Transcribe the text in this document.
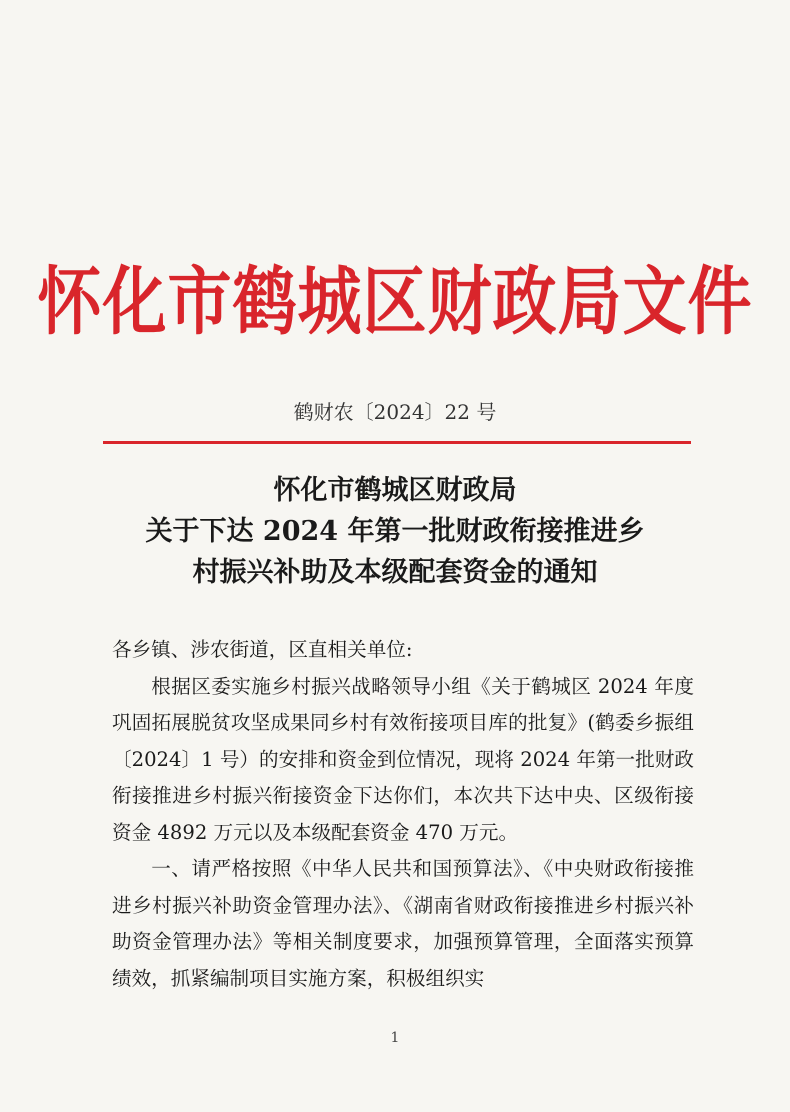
怀化市鹤城区财政局文件
鹤财农〔2024〕22 号
怀化市鹤城区财政局
关于下达 2024 年第一批财政衔接推进乡
村振兴补助及本级配套资金的通知

各乡镇、涉农街道，区直相关单位:

根据区委实施乡村振兴战略领导小组《关于鹤城区 2024 年度巩固拓展脱贫攻坚成果同乡村有效衔接项目库的批复》(鹤委乡振组〔2024〕1 号）的安排和资金到位情况，现将 2024 年第一批财政衔接推进乡村振兴衔接资金下达你们，本次共下达中央、区级衔接资金 4892 万元以及本级配套资金 470 万元。

一、请严格按照《中华人民共和国预算法》、《中央财政衔接推进乡村振兴补助资金管理办法》、《湖南省财政衔接推进乡村振兴补助资金管理办法》等相关制度要求，加强预算管理，全面落实预算绩效，抓紧编制项目实施方案，积极组织实

1
